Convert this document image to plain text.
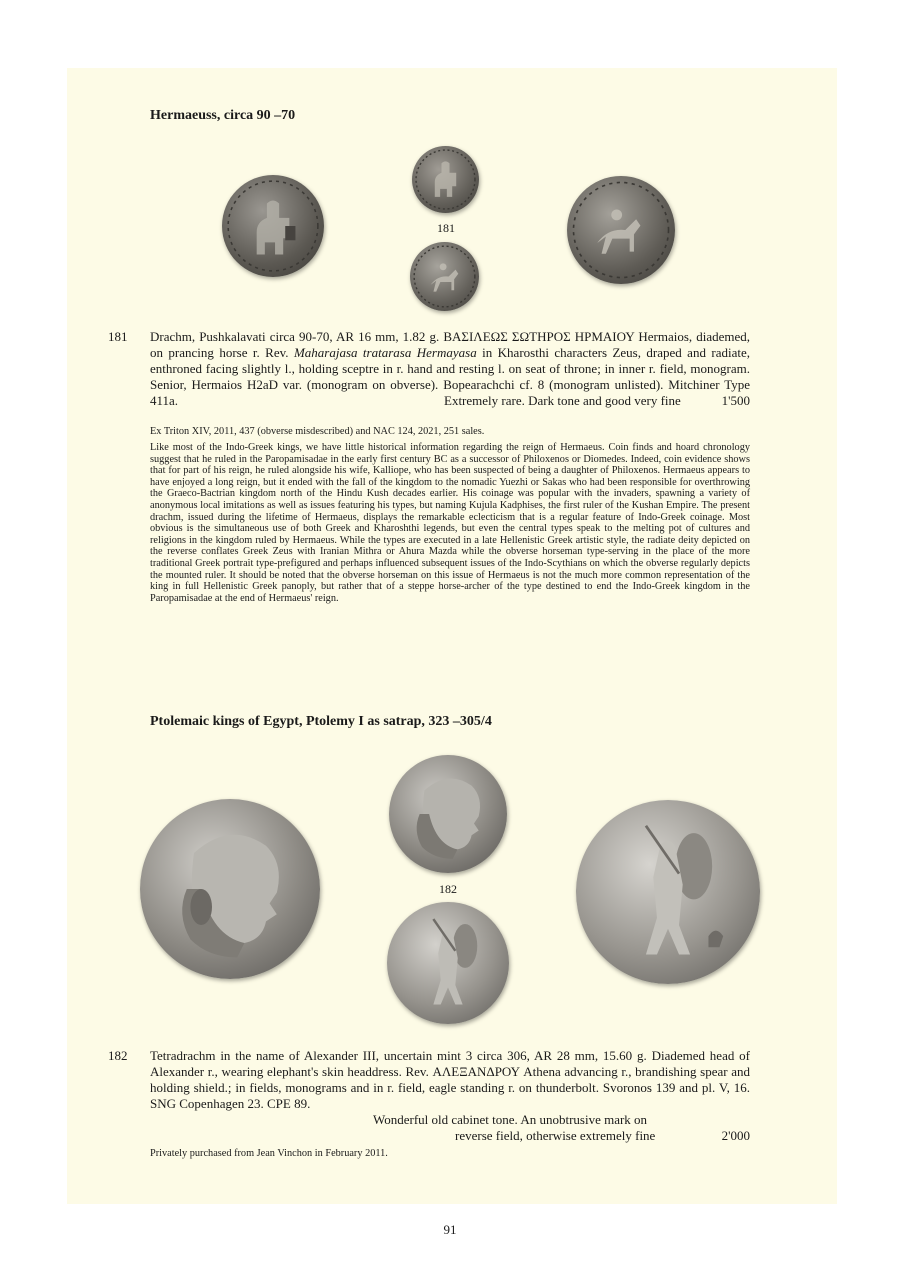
Hermaeuss, circa 90 –70
181
181 Drachm, Pushkalavati circa 90-70, AR 16 mm, 1.82 g. ΒΑΣΙΛΕΩΣ ΣΩΤΗΡΟΣ ΗΡΜΑΙΟΥ Hermaios, diademed, on prancing horse r. Rev. Maharajasa tratarasa Hermayasa in Kharosthi characters Zeus, draped and radiate, enthroned facing slightly l., holding sceptre in r. hand and resting l. on seat of throne; in inner r. field, monogram. Senior, Hermaios H2aD var. (monogram on obverse). Bopearachchi cf. 8 (monogram unlisted). Mitchiner Type 411a.	Extremely rare. Dark tone and good very fine	1'500
Ex Triton XIV, 2011, 437 (obverse misdescribed) and NAC 124, 2021, 251 sales.
Like most of the Indo-Greek kings, we have little historical information regarding the reign of Hermaeus. Coin finds and hoard chronology suggest that he ruled in the Paropamisadae in the early first century BC as a successor of Philoxenos or Diomedes. Indeed, coin evidence shows that for part of his reign, he ruled alongside his wife, Kalliope, who has been suspected of being a daughter of Philoxenos. Hermaeus appears to have enjoyed a long reign, but it ended with the fall of the kingdom to the nomadic Yuezhi or Sakas who had been responsible for overthrowing the Graeco-Bactrian kingdom north of the Hindu Kush decades earlier. His coinage was popular with the invaders, spawning a variety of anonymous local imitations as well as issues featuring his types, but naming Kujula Kadphises, the first ruler of the Kushan Empire. The present drachm, issued during the lifetime of Hermaeus, displays the remarkable eclecticism that is a regular feature of Indo-Greek coinage. Most obvious is the simultaneous use of both Greek and Kharoshthi legends, but even the central types speak to the melting pot of cultures and religions in the kingdom ruled by Hermaeus. While the types are executed in a late Hellenistic Greek artistic style, the radiate deity depicted on the reverse conflates Greek Zeus with Iranian Mithra or Ahura Mazda while the obverse horseman type-serving in the place of the more traditional Greek portrait type-prefigured and perhaps influenced subsequent issues of the Indo-Scythians on which the obverse regularly depicts the mounted ruler. It should be noted that the obverse horseman on this issue of Hermaeus is not the much more common representation of the king in full Hellenistic Greek panoply, but rather that of a steppe horse-archer of the type destined to end the Indo-Greek kingdom in the Paropamisadae at the end of Hermaeus' reign.
Ptolemaic kings of Egypt, Ptolemy I as satrap, 323 –305/4
182
182 Tetradrachm in the name of Alexander III, uncertain mint 3 circa 306, AR 28 mm, 15.60 g. Diademed head of Alexander r., wearing elephant's skin headdress. Rev. ΑΛΕΞΑΝΔΡΟΥ Athena advancing r., brandishing spear and holding shield.; in fields, monograms and in r. field, eagle standing r. on thunderbolt. Svoronos 139 and pl. V, 16. SNG Copenhagen 23. CPE 89.
Wonderful old cabinet tone. An unobtrusive mark on
reverse field, otherwise extremely fine	2'000
Privately purchased from Jean Vinchon in February 2011.
91
